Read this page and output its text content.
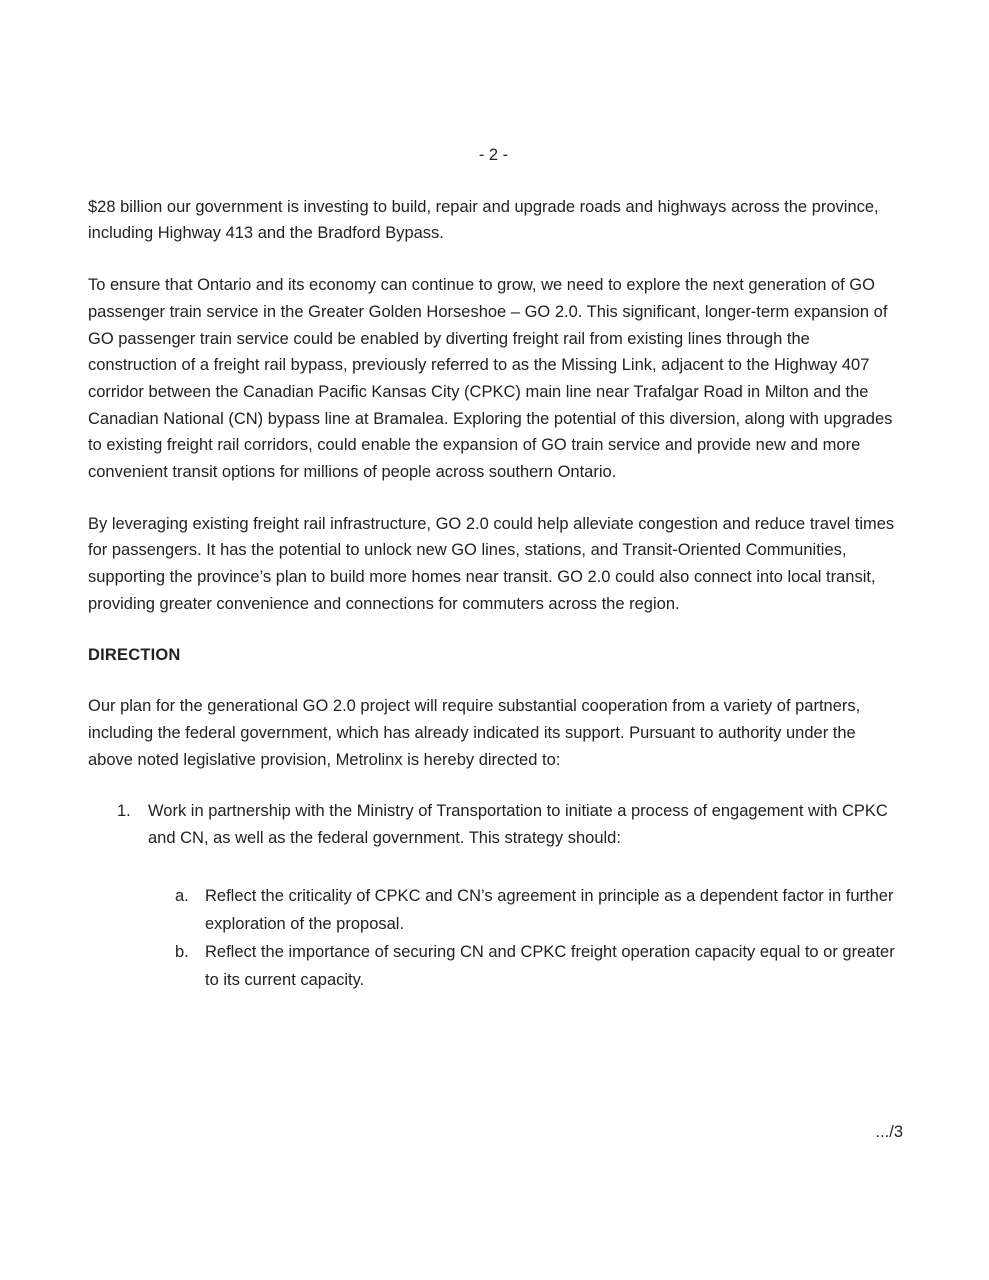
- 2 -

$28 billion our government is investing to build, repair and upgrade roads and highways across the province, including Highway 413 and the Bradford Bypass.

To ensure that Ontario and its economy can continue to grow, we need to explore the next generation of GO passenger train service in the Greater Golden Horseshoe – GO 2.0. This significant, longer-term expansion of GO passenger train service could be enabled by diverting freight rail from existing lines through the construction of a freight rail bypass, previously referred to as the Missing Link, adjacent to the Highway 407 corridor between the Canadian Pacific Kansas City (CPKC) main line near Trafalgar Road in Milton and the Canadian National (CN) bypass line at Bramalea. Exploring the potential of this diversion, along with upgrades to existing freight rail corridors, could enable the expansion of GO train service and provide new and more convenient transit options for millions of people across southern Ontario.

By leveraging existing freight rail infrastructure, GO 2.0 could help alleviate congestion and reduce travel times for passengers. It has the potential to unlock new GO lines, stations, and Transit-Oriented Communities, supporting the province’s plan to build more homes near transit. GO 2.0 could also connect into local transit, providing greater convenience and connections for commuters across the region.

DIRECTION

Our plan for the generational GO 2.0 project will require substantial cooperation from a variety of partners, including the federal government, which has already indicated its support. Pursuant to authority under the above noted legislative provision, Metrolinx is hereby directed to:

1.	Work in partnership with the Ministry of Transportation to initiate a process of engagement with CPKC and CN, as well as the federal government. This strategy should:
a. Reflect the criticality of CPKC and CN’s agreement in principle as a dependent factor in further exploration of the proposal.
b. Reflect the importance of securing CN and CPKC freight operation capacity equal to or greater to its current capacity.
.../3
